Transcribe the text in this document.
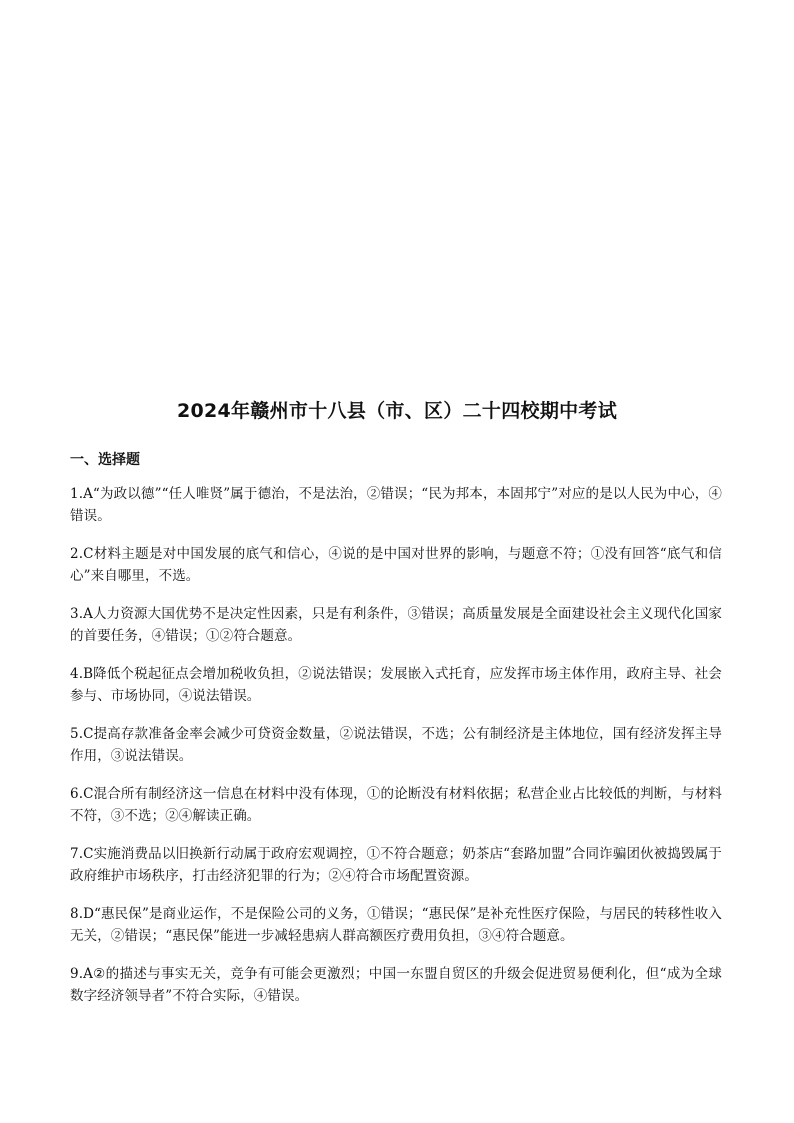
2024年赣州市十八县（市、区）二十四校期中考试
一、选择题
1.A“为政以德”“任人唯贤”属于德治，不是法治，②错误；“民为邦本，本固邦宁”对应的是以人民为中心，④错误。
2.C材料主题是对中国发展的底气和信心，④说的是中国对世界的影响，与题意不符；①没有回答“底气和信心”来自哪里，不选。
3.A人力资源大国优势不是决定性因素，只是有利条件，③错误；高质量发展是全面建设社会主义现代化国家的首要任务，④错误；①②符合题意。
4.B降低个税起征点会增加税收负担，②说法错误；发展嵌入式托育，应发挥市场主体作用，政府主导、社会参与、市场协同，④说法错误。
5.C提高存款准备金率会减少可贷资金数量，②说法错误，不选；公有制经济是主体地位，国有经济发挥主导作用，③说法错误。
6.C混合所有制经济这一信息在材料中没有体现，①的论断没有材料依据；私营企业占比较低的判断，与材料不符，③不选；②④解读正确。
7.C实施消费品以旧换新行动属于政府宏观调控，①不符合题意；奶茶店“套路加盟”合同诈骗团伙被捣毁属于政府维护市场秩序，打击经济犯罪的行为；②④符合市场配置资源。
8.D“惠民保”是商业运作，不是保险公司的义务，①错误；“惠民保”是补充性医疗保险，与居民的转移性收入无关，②错误；“惠民保”能进一步减轻患病人群高额医疗费用负担，③④符合题意。
9.A②的描述与事实无关，竞争有可能会更激烈；中国一东盟自贸区的升级会促进贸易便利化，但“成为全球数字经济领导者”不符合实际，④错误。
